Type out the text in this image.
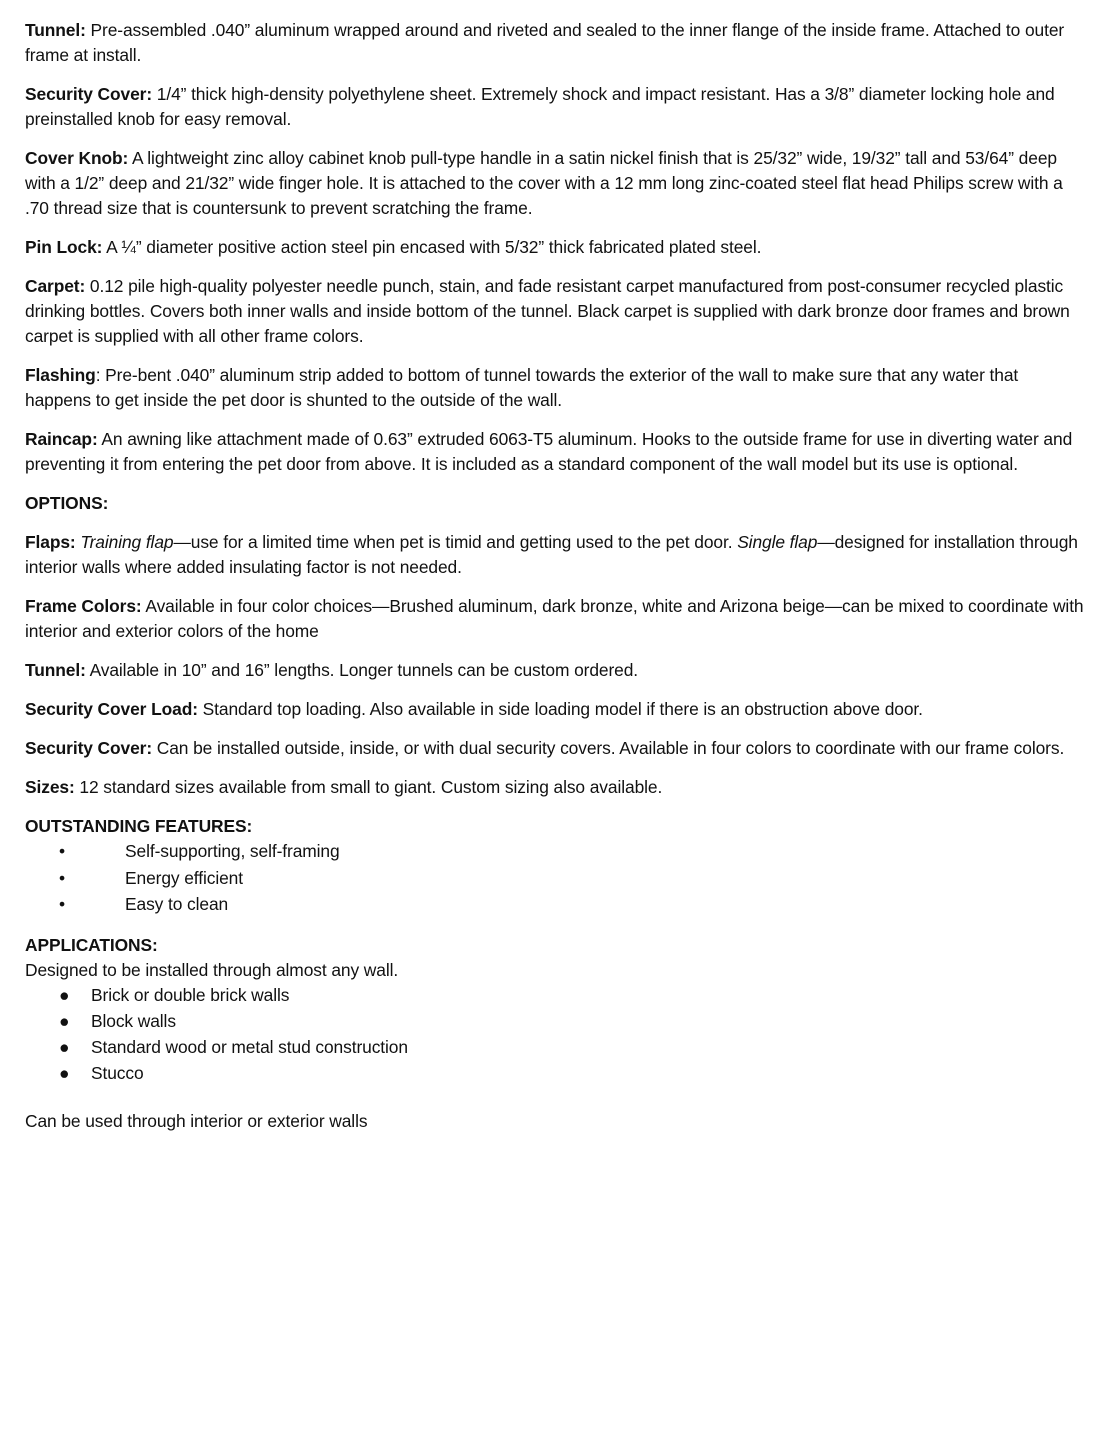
Tunnel: Pre-assembled .040” aluminum wrapped around and riveted and sealed to the inner flange of the inside frame. Attached to outer frame at install.

Security Cover: 1/4” thick high-density polyethylene sheet. Extremely shock and impact resistant. Has a 3/8” diameter locking hole and preinstalled knob for easy removal.

Cover Knob: A lightweight zinc alloy cabinet knob pull-type handle in a satin nickel finish that is 25/32” wide, 19/32” tall and 53/64” deep with a 1/2” deep and 21/32” wide finger hole. It is attached to the cover with a 12 mm long zinc-coated steel flat head Philips screw with a .70 thread size that is countersunk to prevent scratching the frame.

Pin Lock: A ¼” diameter positive action steel pin encased with 5/32” thick fabricated plated steel.

Carpet: 0.12 pile high-quality polyester needle punch, stain, and fade resistant carpet manufactured from post-consumer recycled plastic drinking bottles. Covers both inner walls and inside bottom of the tunnel. Black carpet is supplied with dark bronze door frames and brown carpet is supplied with all other frame colors.

Flashing: Pre-bent .040” aluminum strip added to bottom of tunnel towards the exterior of the wall to make sure that any water that happens to get inside the pet door is shunted to the outside of the wall.

Raincap: An awning like attachment made of 0.63” extruded 6063-T5 aluminum. Hooks to the outside frame for use in diverting water and preventing it from entering the pet door from above. It is included as a standard component of the wall model but its use is optional.

OPTIONS:

Flaps: Training flap—use for a limited time when pet is timid and getting used to the pet door. Single flap—designed for installation through interior walls where added insulating factor is not needed.

Frame Colors: Available in four color choices—Brushed aluminum, dark bronze, white and Arizona beige—can be mixed to coordinate with interior and exterior colors of the home

Tunnel: Available in 10” and 16” lengths. Longer tunnels can be custom ordered.

Security Cover Load: Standard top loading. Also available in side loading model if there is an obstruction above door.

Security Cover: Can be installed outside, inside, or with dual security covers. Available in four colors to coordinate with our frame colors.

Sizes: 12 standard sizes available from small to giant. Custom sizing also available.

OUTSTANDING FEATURES:

•	Self-supporting, self-framing
•	Energy efficient
•	Easy to clean

APPLICATIONS:

Designed to be installed through almost any wall.

● Brick or double brick walls
● Block walls
● Standard wood or metal stud construction
● Stucco

Can be used through interior or exterior walls
